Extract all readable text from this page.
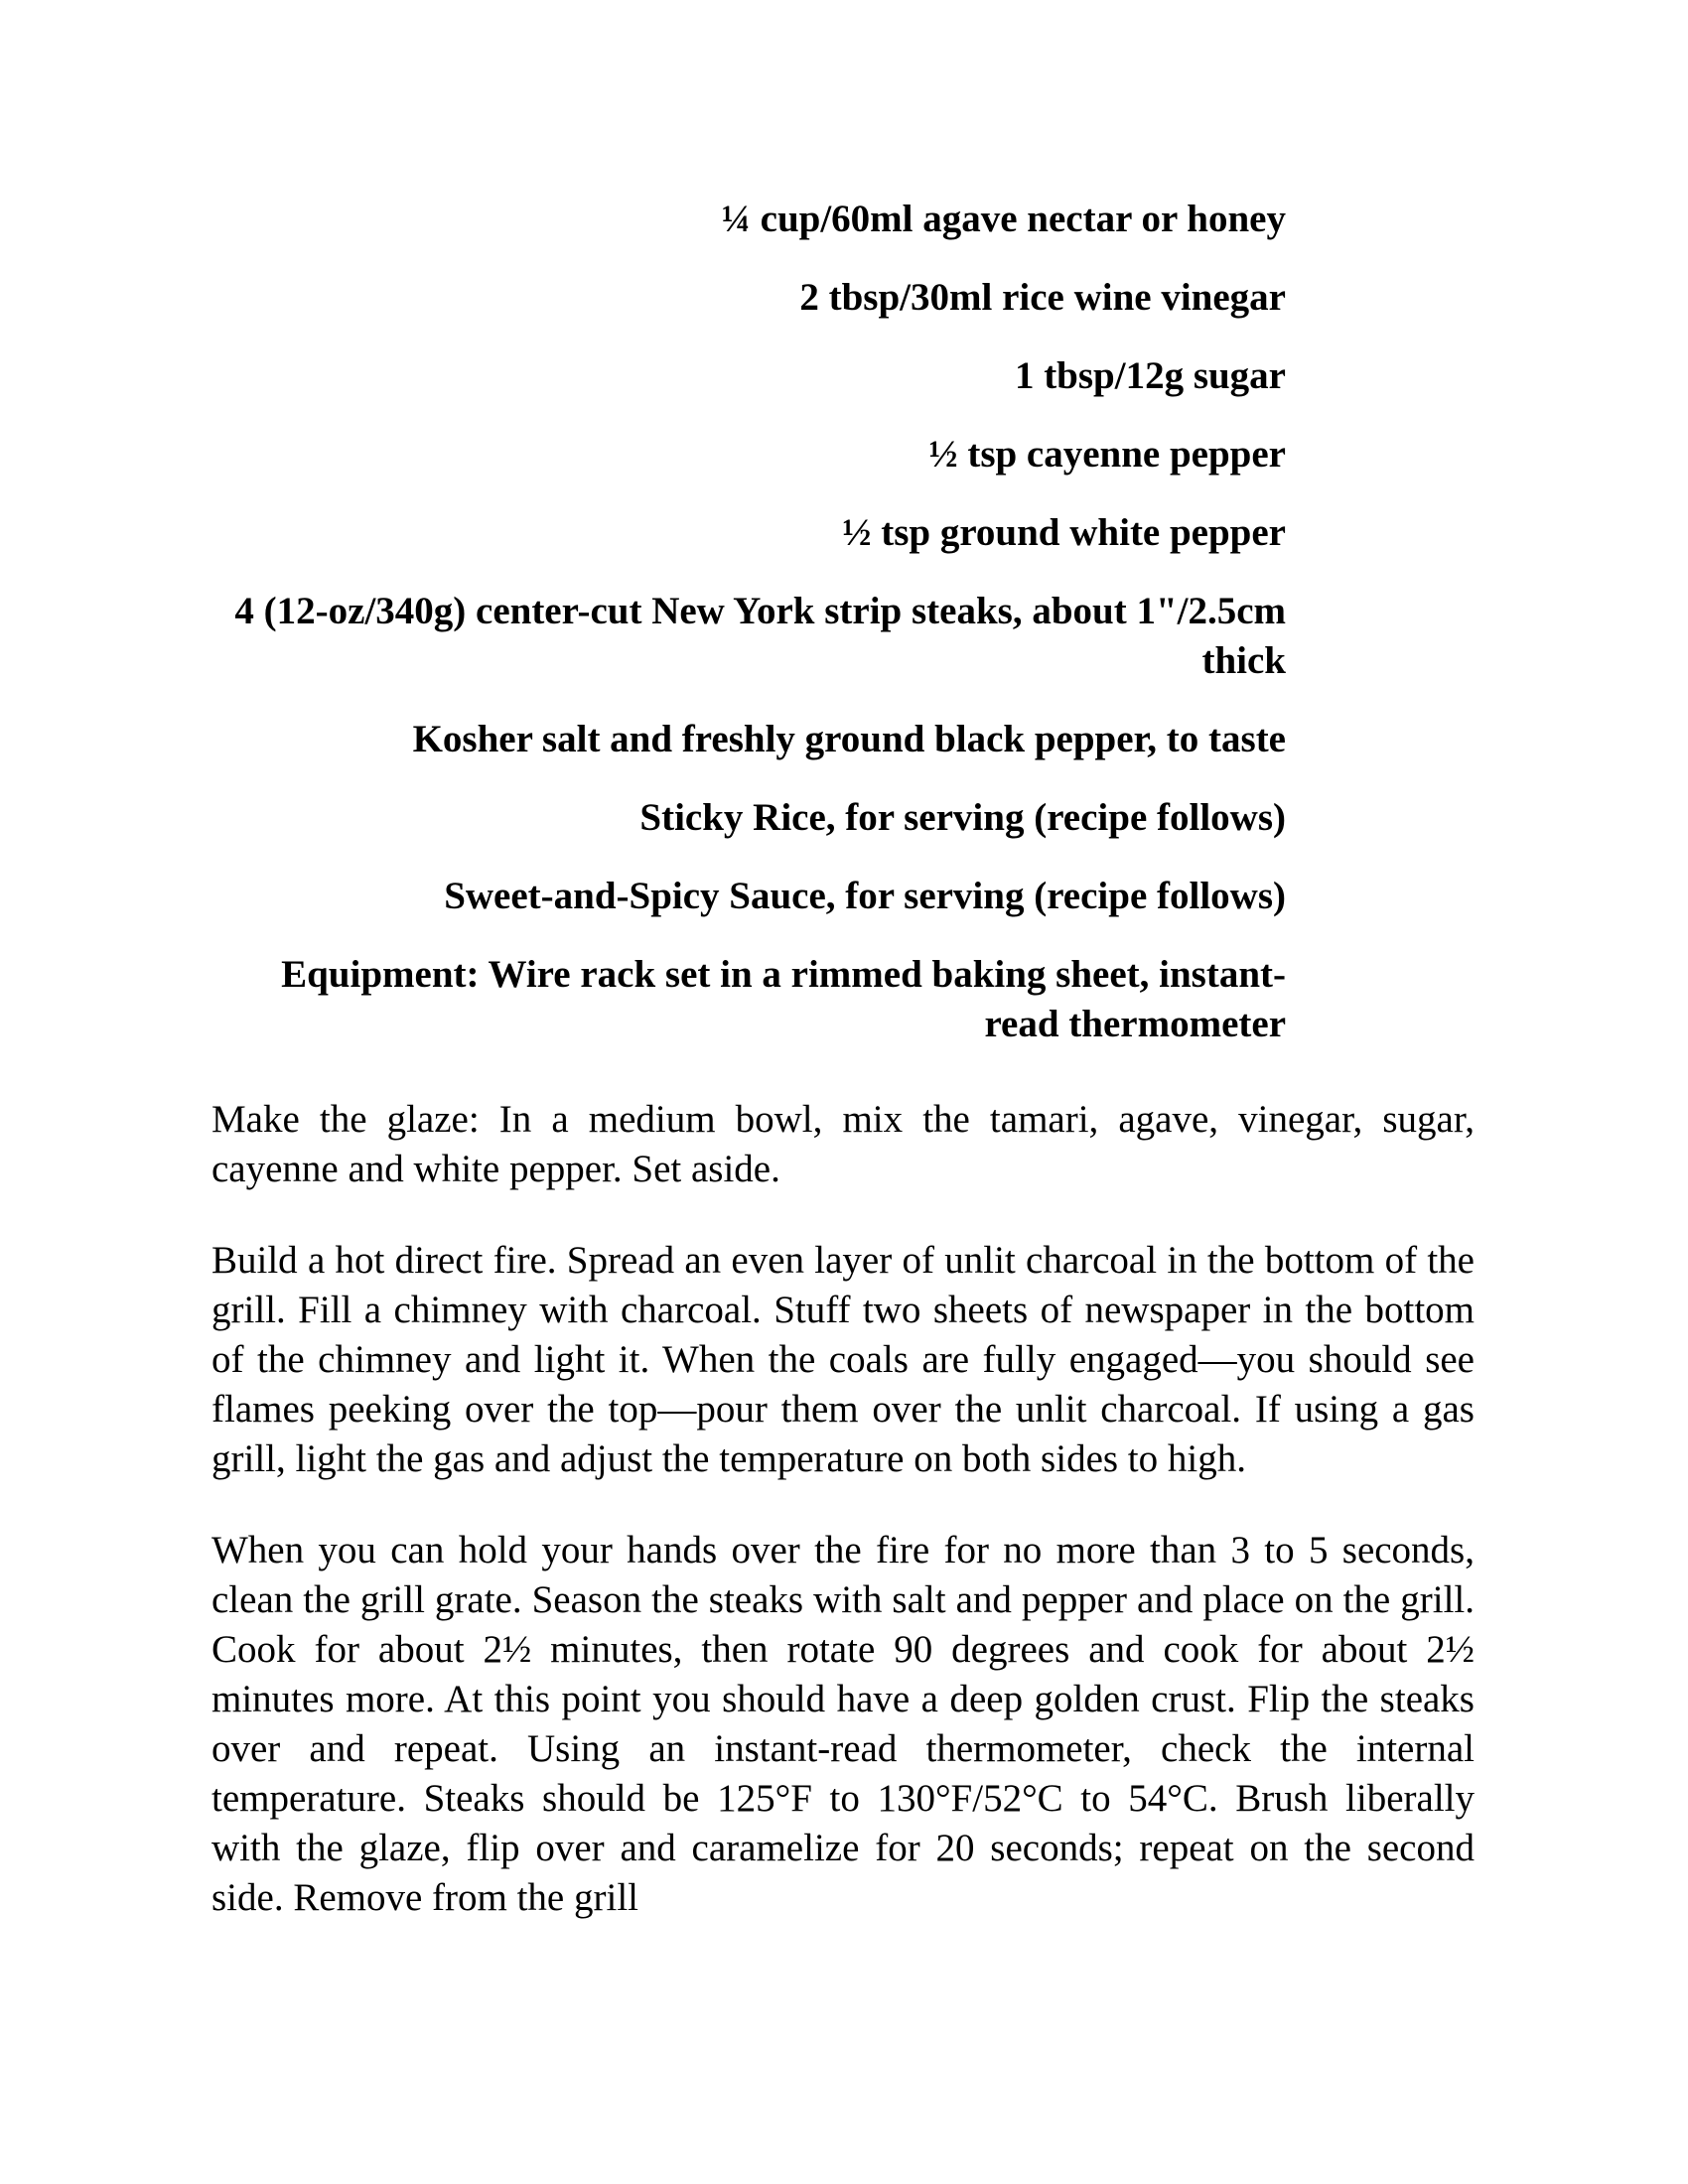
¼ cup/60ml agave nectar or honey
2 tbsp/30ml rice wine vinegar
1 tbsp/12g sugar
½ tsp cayenne pepper
½ tsp ground white pepper
4 (12-oz/340g) center-cut New York strip steaks, about 1"/2.5cm thick
Kosher salt and freshly ground black pepper, to taste
Sticky Rice, for serving (recipe follows)
Sweet-and-Spicy Sauce, for serving (recipe follows)
Equipment: Wire rack set in a rimmed baking sheet, instant-read thermometer

Make the glaze: In a medium bowl, mix the tamari, agave, vinegar, sugar, cayenne and white pepper. Set aside.

Build a hot direct fire. Spread an even layer of unlit charcoal in the bottom of the grill. Fill a chimney with charcoal. Stuff two sheets of newspaper in the bottom of the chimney and light it. When the coals are fully engaged—you should see flames peeking over the top—pour them over the unlit charcoal. If using a gas grill, light the gas and adjust the temperature on both sides to high.

When you can hold your hands over the fire for no more than 3 to 5 seconds, clean the grill grate. Season the steaks with salt and pepper and place on the grill. Cook for about 2½ minutes, then rotate 90 degrees and cook for about 2½ minutes more. At this point you should have a deep golden crust. Flip the steaks over and repeat. Using an instant-read thermometer, check the internal temperature. Steaks should be 125°F to 130°F/52°C to 54°C. Brush liberally with the glaze, flip over and caramelize for 20 seconds; repeat on the second side. Remove from the grill
